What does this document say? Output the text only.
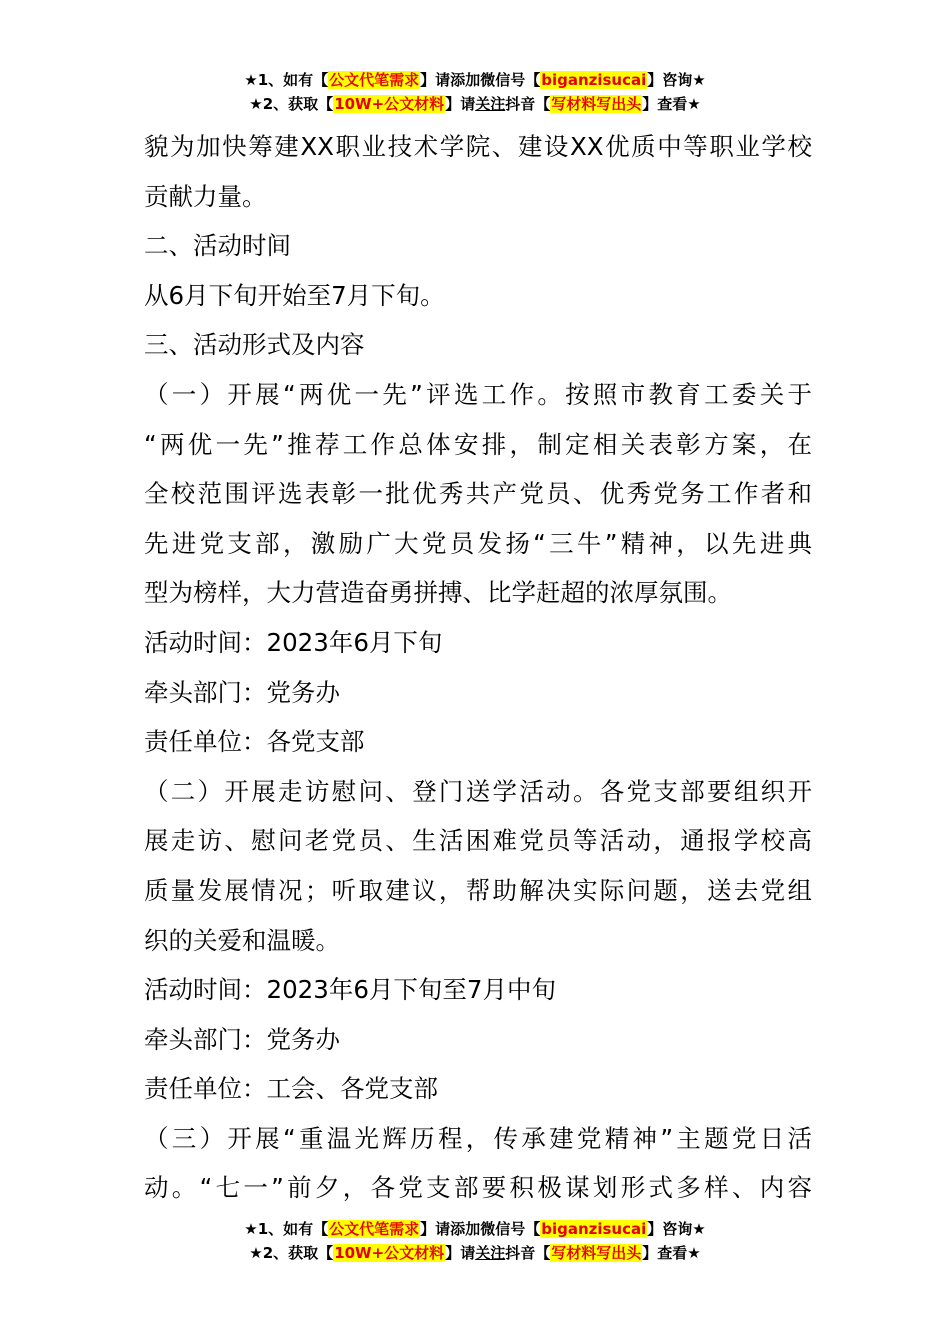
★1、如有【公文代笔需求】请添加微信号【biganzisucai】咨询★
★2、获取【10W+公文材料】请关注抖音【写材料写出头】查看★

貌为加快筹建XX职业技术学院、建设XX优质中等职业学校

贡献力量。

二、活动时间

从6月下旬开始至7月下旬。

三、活动形式及内容

（一）开展“两优一先”评选工作。按照市教育工委关于

“两优一先”推荐工作总体安排，制定相关表彰方案，在

全校范围评选表彰一批优秀共产党员、优秀党务工作者和

先进党支部，激励广大党员发扬“三牛”精神，以先进典

型为榜样，大力营造奋勇拼搏、比学赶超的浓厚氛围。

活动时间：2023年6月下旬

牵头部门：党务办

责任单位：各党支部

（二）开展走访慰问、登门送学活动。各党支部要组织开

展走访、慰问老党员、生活困难党员等活动，通报学校高

质量发展情况；听取建议，帮助解决实际问题，送去党组

织的关爱和温暖。

活动时间：2023年6月下旬至7月中旬

牵头部门：党务办

责任单位：工会、各党支部

（三）开展“重温光辉历程，传承建党精神”主题党日活

动。“七一”前夕，各党支部要积极谋划形式多样、内容

★1、如有【公文代笔需求】请添加微信号【biganzisucai】咨询★
★2、获取【10W+公文材料】请关注抖音【写材料写出头】查看★
